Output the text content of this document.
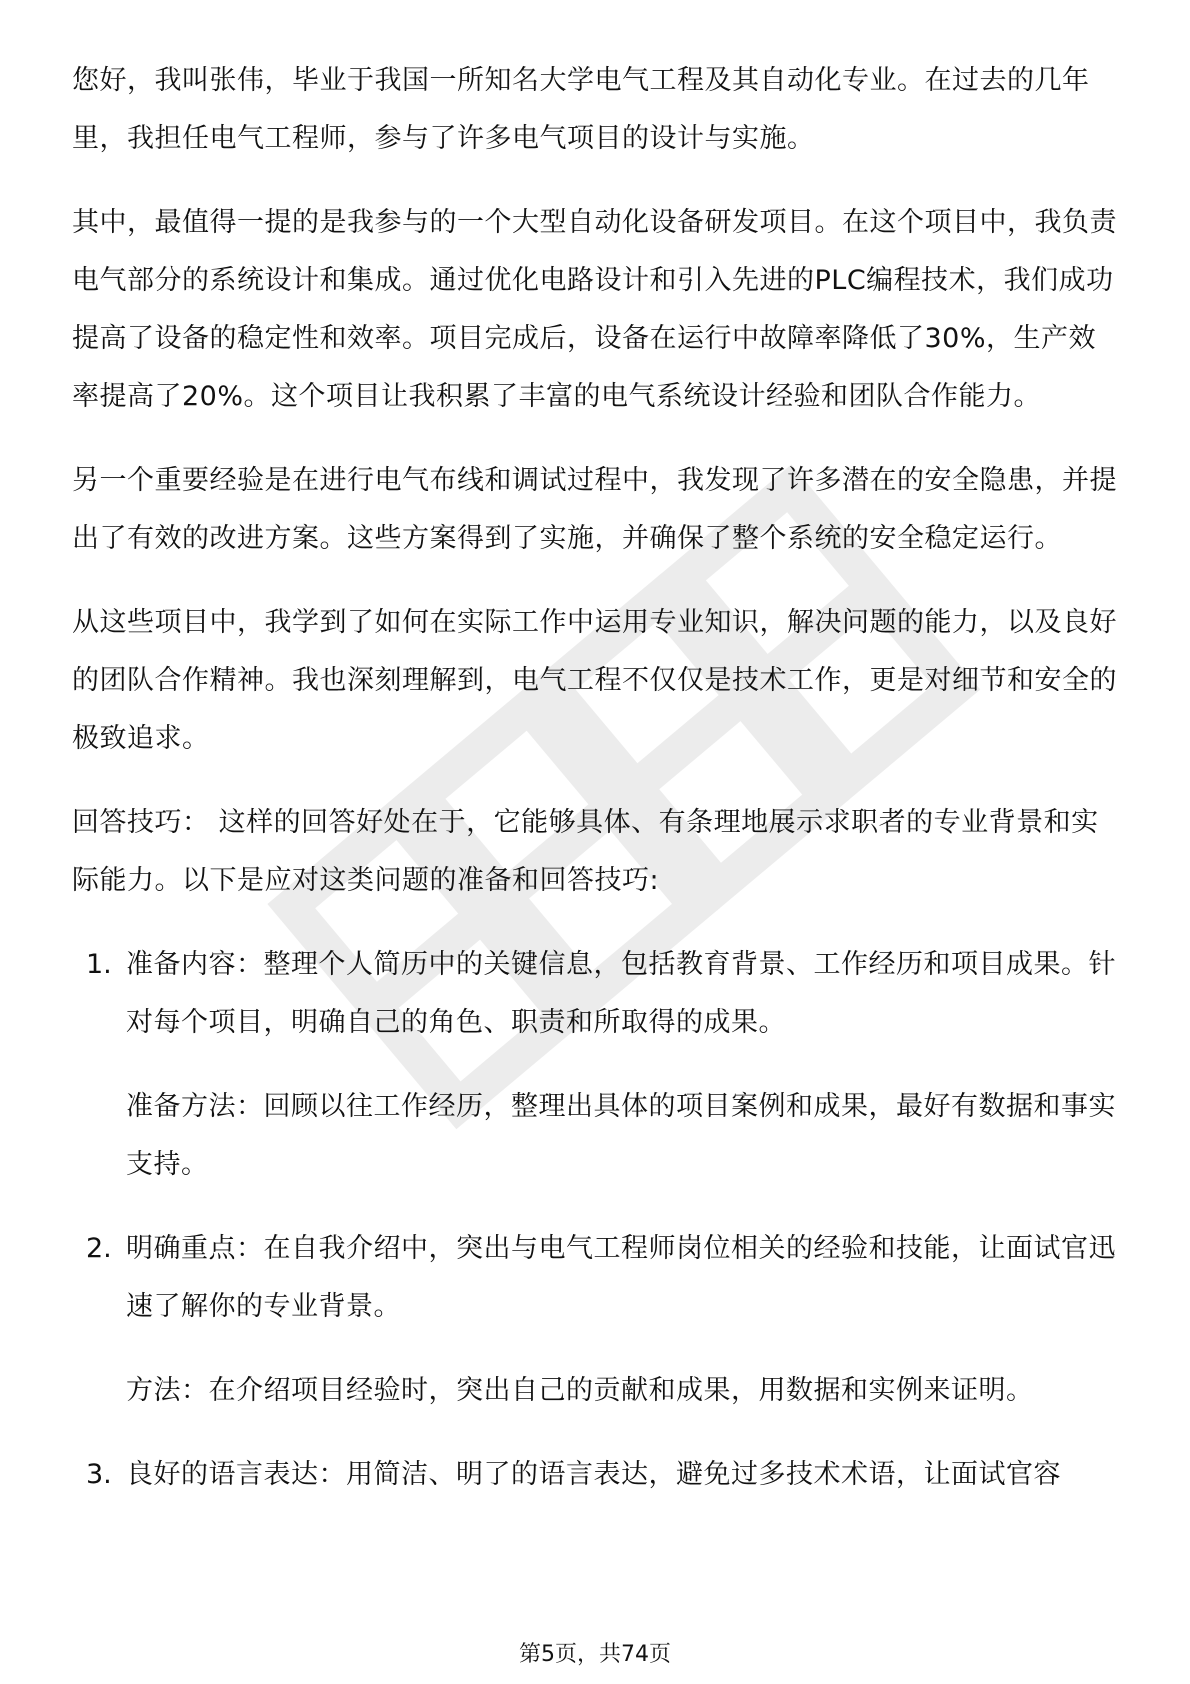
您好，我叫张伟，毕业于我国一所知名大学电气工程及其自动化专业。在过去的几年里，我担任电气工程师，参与了许多电气项目的设计与实施。

其中，最值得一提的是我参与的一个大型自动化设备研发项目。在这个项目中，我负责电气部分的系统设计和集成。通过优化电路设计和引入先进的PLC编程技术，我们成功提高了设备的稳定性和效率。项目完成后，设备在运行中故障率降低了30%，生产效率提高了20%。这个项目让我积累了丰富的电气系统设计经验和团队合作能力。

另一个重要经验是在进行电气布线和调试过程中，我发现了许多潜在的安全隐患，并提出了有效的改进方案。这些方案得到了实施，并确保了整个系统的安全稳定运行。

从这些项目中，我学到了如何在实际工作中运用专业知识，解决问题的能力，以及良好的团队合作精神。我也深刻理解到，电气工程不仅仅是技术工作，更是对细节和安全的极致追求。

回答技巧： 这样的回答好处在于，它能够具体、有条理地展示求职者的专业背景和实际能力。以下是应对这类问题的准备和回答技巧:

1. 准备内容：整理个人简历中的关键信息，包括教育背景、工作经历和项目成果。针对每个项目，明确自己的角色、职责和所取得的成果。

准备方法：回顾以往工作经历，整理出具体的项目案例和成果，最好有数据和事实支持。

2. 明确重点：在自我介绍中，突出与电气工程师岗位相关的经验和技能，让面试官迅速了解你的专业背景。

方法：在介绍项目经验时，突出自己的贡献和成果，用数据和实例来证明。

3. 良好的语言表达：用简洁、明了的语言表达，避免过多技术术语，让面试官容

第5页，共74页
